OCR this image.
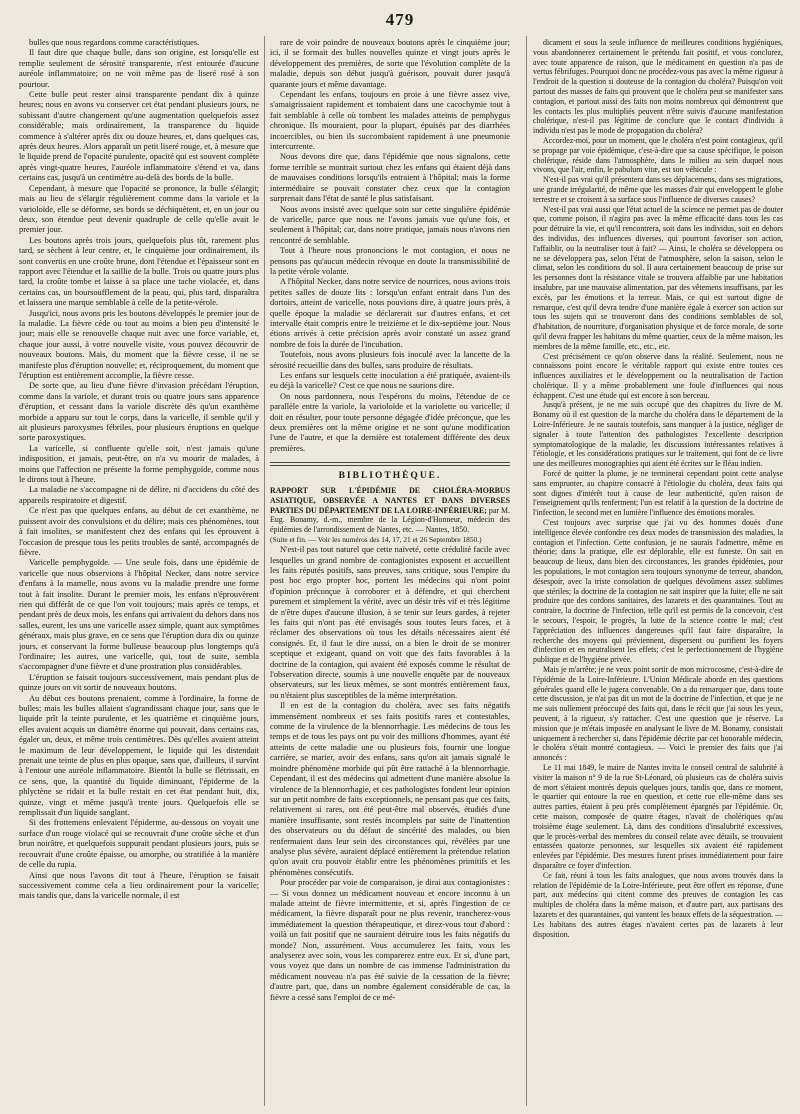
479

bulles que nous regardons comme caractéristiques.

Il faut dire que chaque bulle, dans son origine, est lorsqu'elle est remplie seulement de sérosité transparente, n'est entourée d'aucune auréole inflammatoire; on ne voit même pas de liseré rosé à son pourtour.

Cette bulle peut rester ainsi transparente pendant dix à quinze heures; nous en avons vu conserver cet état pendant plusieurs jours, ne subissant d'autre changement qu'une augmentation quelquefois assez considérable; mais ordinairement, la transparence du liquide commence à s'altérer après dix ou douze heures, et, dans quelques cas, après deux heures. Alors apparaît un petit liseré rouge, et, à mesure que le liquide prend de l'opacité purulente, opacité qui est souvent complète après vingt-quatre heures, l'auréole inflammatoire s'étend et va, dans certains cas, jusqu'à un centimètre au-delà des bords de la bulle.

Cependant, à mesure que l'opacité se prononce, la bulle s'élargit; mais au lieu de s'élargir régulièrement comme dans la variole et la varioloïde, elle se déforme, ses bords se déchiquètent, et, en un jour ou deux, son étendue peut devenir quadruple de celle qu'elle avait le premier jour.

Les boutons après trois jours, quelquefois plus tôt, rarement plus tard, se sèchent à leur centre, et, le cinquième jour ordinairement, ils sont convertis en une croûte brune, dont l'étendue et l'épaisseur sont en rapport avec l'étendue et la saillie de la bulle. Trois ou quatre jours plus tard, la croûte tombe et laisse à sa place une tache violacée, et, dans certains cas, un boursoufflement de la peau, qui, plus tard, disparaîtra et laissera une marque semblable à celle de la petite-vérole.

Jusqu'ici, nous avons pris les boutons développés le premier jour de la maladie. La fièvre cède ou tout au moins a bien peu d'intensité le jour; mais elle se renouvelle chaque nuit avec une force variable, et, chaque jour aussi, à votre nouvelle visite, vous pouvez découvrir de nouveaux boutons. Mais, du moment que la fièvre cesse, il ne se manifeste plus d'éruption nouvelle; et, réciproquement, du moment que l'éruption est entièrement accomplie, la fièvre cesse.

De sorte que, au lieu d'une fièvre d'invasion précédant l'éruption, comme dans la variole, et durant trois ou quatre jours sans apparence d'éruption, et cessant dans la variole discrète dès qu'un exanthème morbide a apparu sur tout le corps, dans la varicelle, il semble qu'il y ait plusieurs paroxysmes fébriles, pour plusieurs éruptions en quelque sorte paroxystiques.

La varicelle, si confluente qu'elle soit, n'est jamais qu'une indisposition, et jamais, peut-être, on n'a vu mourir de malades, à moins que l'affection ne présente la forme pemphygoïde, comme nous le dirons tout à l'heure.

La maladie ne s'accompagne ni de délire, ni d'accidens du côté des appareils respiratoire et digestif.

Ce n'est pas que quelques enfans, au début de cet exanthème, ne puissent avoir des convulsions et du délire; mais ces phénomènes, tout à fait insolites, se manifestent chez des enfans qui les éprouvent à l'occasion de presque tous les petits troubles de santé, accompagnés de fièvre.

Varicelle pemphygoïde. — Une seule fois, dans une épidémie de varicelle que nous observions à l'hôpital Necker, dans notre service d'enfans à la mamelle, nous avons vu la maladie prendre une forme tout à fait insolite. Durant le premier mois, les enfans n'éprouvèrent rien qui différât de ce que l'on voit toujours; mais après ce temps, et pendant près de deux mois, les enfans qui arrivaient du dehors dans nos salles, eurent, les uns une varicelle assez simple, quant aux symptômes généraux, mais plus grave, en ce sens que l'éruption dura dix ou quinze jours, et conservant la forme bulleuse beaucoup plus longtemps qu'à l'ordinaire; les autres, une varicelle, qui, tout de suite, sembla s'accompagner d'une fièvre et d'une prostration plus considérables.

L'éruption se faisait toujours successivement, mais pendant plus de quinze jours on vit sortir de nouveaux boutons.

Au début ces boutons prenaient, comme à l'ordinaire, la forme de bulles; mais les bulles allaient s'agrandissant chaque jour, sans que le liquide prît la teinte purulente, et les quatrième et cinquième jours, elles avaient acquis un diamètre énorme qui pouvait, dans certains cas, égaler un, deux, et même trois centimètres. Dès qu'elles avaient atteint le maximum de leur développement, le liquide qui les distendait prenait une teinte de plus en plus opaque, sans que, d'ailleurs, il survînt à l'entour une auréole inflammatoire. Bientôt la bulle se flétrissait, en ce sens, que, la quantité du liquide diminuant, l'épiderme de la phlyctène se ridait et la bulle restait en cet état pendant huit, dix, quinze, vingt et même jusqu'à trente jours. Quelquefois elle se remplissait d'un liquide sanglant.

Si des frottemens enlevaient l'épiderme, au-dessous on voyait une surface d'un rouge violacé qui se recouvrait d'une croûte sèche et d'un brun noirâtre, et quelquefois suppurait pendant plusieurs jours, puis se recouvrait d'une croûte épaisse, ou amorphe, ou stratifiée à la manière de celle du rupia.

Ainsi que nous l'avons dit tout à l'heure, l'éruption se faisait successivement comme cela a lieu ordinairement pour la varicelle; mais tandis que, dans la varicelle normale, il est

rare de voir poindre de nouveaux boutons après le cinquième jour; ici, il se formait des bulles nouvelles quinze et vingt jours après le développement des premières, de sorte que l'évolution complète de la maladie, depuis son début jusqu'à guérison, pouvait durer jusqu'à quarante jours et même davantage.

Cependant les enfans, toujours en proie à une fièvre assez vive, s'amaigrissaient rapidement et tombaient dans une cacochymie tout à fait semblable à celle où tombent les malades atteints de pemphygus chronique. Ils mouraient, pour la plupart, épuisés par des diarrhées incoercibles, ou bien ils succombaient rapidement à une pneumonie intercurrente.

Nous devons dire que, dans l'épidémie que nous signalons, cette forme terrible se montrait surtout chez les enfans qui étaient déjà dans de mauvaises conditions lorsqu'ils entraient à l'hôpital; mais la forme intermédiaire se pouvait constater chez ceux que la contagion surprenait dans l'état de santé le plus satisfaisant.

Nous avons insisté avec quelque soin sur cette singulière épidémie de varicelle, parce que nous ne l'avons jamais vue qu'une fois, et seulement à l'hôpital; car, dans notre pratique, jamais nous n'avons rien rencontré de semblable.

Tout à l'heure nous prononcions le mot contagion, et nous ne pensons pas qu'aucun médecin révoque en doute la transmissibilité de la petite vérole volante.

A l'hôpital Necker, dans notre service de nourrices, nous avions trois petites salles de douze lits : lorsqu'un enfant entrait dans l'un des dortoirs, atteint de varicelle, nous pouvions dire, à quatre jours près, à quelle époque la maladie se déclarerait sur d'autres enfans, et cet intervalle était compris entre le treizième et le dix-septième jour. Nous étions arrivés à cette précision après avoir constaté un assez grand nombre de fois la durée de l'incubation.

Toutefois, nous avons plusieurs fois inoculé avec la lancette de la sérosité recueillie dans des bulles, sans produire de résultats.

Les enfans sur lesquels cette inoculation a été pratiquée, avaient-ils eu déjà la varicelle? C'est ce que nous ne saurions dire.

On nous pardonnera, nous l'espérons du moins, l'étendue de ce parallèle entre la variole, la varioloïde et la variolette ou varicelle; il doit en résulter, pour toute personne dégagée d'idée préconçue, que les deux premières ont la même origine et ne sont qu'une modification l'une de l'autre, et que la dernière est totalement différente des deux premières.

BIBLIOTHÈQUE.

RAPPORT SUR L'ÉPIDÉMIE DE CHOLÉRA-MORBUS ASIATIQUE, OBSERVÉE A NANTES ET DANS DIVERSES PARTIES DU DÉPARTEMENT DE LA LOIRE-INFÉRIEURE; par M. Eug. Bonamy, d.-m., membre de la Légion-d'Honneur, médecin des épidémies de l'arrondissement de Nantes, etc. — Nantes, 1850.

(Suite et fin. — Voir les numéros des 14, 17, 21 et 26 Septembre 1850.)

N'est-il pas tout naturel que cette naïveté, cette crédulité facile avec lesquelles un grand nombre de contagionistes exposent et accueillent les faits réputés positifs, sans preuves, sans critique, sous l'empire du post hoc ergo propter hoc, portent les médecins qui n'ont point d'opinion préconçue à corroborer et à défendre, et qui cherchent purement et simplement la vérité, avec un désir très vif et très légitime de n'être dupes d'aucune illusion, à se tenir sur leurs gardes, à rejeter les faits qui n'ont pas été envisagés sous toutes leurs faces, et à réclamer des observations où tous les détails nécessaires aient été consignés. Et, il faut le dire aussi, on a bien le droit de se montrer sceptique et exigeant, quand on voit que des faits favorables à la doctrine de la contagion, qui avaient été exposés comme le résultat de l'observation directe, soumis à une nouvelle enquête par de nouveaux observateurs, sur les lieux mêmes, se sont montrés entièrement faux, ou n'étaient plus susceptibles de la même interprétation.

Il en est de la contagion du choléra, avec ses faits négatifs immensément nombreux et ses faits positifs rares et contestables, comme de la virulence de la blennorrhagie. Les médecins de tous les temps et de tous les pays ont pu voir des millions d'hommes, ayant été atteints de cette maladie une ou plusieurs fois, fournir une longue carrière, se marier, avoir des enfans, sans qu'on ait jamais signalé le moindre phénomène morbide qui pût être rattaché à la blennorrhagie. Cependant, il est des médecins qui admettent d'une manière absolue la virulence de la blennorrhagie, et ces pathologistes fondent leur opinion sur un petit nombre de faits exceptionnels, ne pensant pas que ces faits, relativement si rares, ont été peut-être mal observés, étudiés d'une manière insuffisante, sont restés incomplets par suite de l'inattention des observateurs ou du défaut de sincérité des malades, ou bien renfermaient dans leur sein des circonstances qui, révélées par une analyse plus sévère, auraient déplacé entièrement la prétendue relation qu'on avait cru pouvoir établir entre les phénomènes primitifs et les phénomènes consécutifs.

Pour procéder par voie de comparaison, je dirai aux contagionistes : — Si vous donnez un médicament nouveau et encore inconnu à un malade atteint de fièvre intermittente, et si, après l'ingestion de ce médicament, la fièvre disparaît pour ne plus revenir, trancherez-vous immédiatement la question thérapeutique, et direz-vous tout d'abord : voilà un fait positif que ne sauraient détruire tous les faits négatifs du monde? Non, assurément. Vous accumulerez les faits, vous les analyserez avec soin, vous les comparerez entre eux. Et si, d'une part, vous voyez que dans un nombre de cas immense l'administration du médicament nouveau n'a pas été suivie de la cessation de la fièvre; d'autre part, que, dans un nombre également considérable de cas, la fièvre a cessé sans l'emploi de ce mé-

dicament et sous la seule influence de meilleures conditions hygiéniques, vous abandonnerez certainement le prétendu fait positif, et vous conclurez, avec toute apparence de raison, que le médicament en question n'a pas de vertus fébrifuges. Pourquoi donc ne procédez-vous pas avec la même rigueur à l'endroit de la question si douteuse de la contagion du choléra? Puisqu'on voit partout des masses de faits qui prouvent que le choléra peut se manifester sans contagion, et partout aussi des faits non moins nombreux qui démontrent que les contacts les plus multipliés peuvent n'être suivis d'aucune manifestation cholérique, n'est-il pas légitime de conclure que le contact d'individu à individu n'est pas le mode de propagation du choléra?

Accordez-moi, pour un moment, que le choléra n'est point contagieux, qu'il se propage par voie épidémique, c'est-à-dire que sa cause spécifique, le poison cholérique, réside dans l'atmosphère, dans le milieu au sein duquel nous vivons, que l'air, enfin, le pabulum vitæ, est son véhicule :

N'est-il pas vrai qu'il présentera dans ses déplacemens, dans ses migrations, une grande irrégularité, de même que les masses d'air qui enveloppent le globe terrestre et se croisent à sa surface sous l'influence de diverses causes?

N'est-il pas vrai aussi que l'état actuel de la science ne permet pas de douter que, comme poison, il n'agira pas avec la même efficacité dans tous les cas pour détruire la vie, et qu'il rencontrera, soit dans les individus, soit en dehors des individus, des influences diverses, qui pourront favoriser son action, l'affaiblir, ou la neutraliser tout à fait? — Ainsi, le choléra se développera ou ne se développera pas, selon l'état de l'atmosphère, selon la saison, selon le climat, selon les conditions du sol. Il aura certainement beaucoup de prise sur les personnes dont la résistance vitale se trouvera affaiblie par une habitation insalubre, par une mauvaise alimentation, par des vêtemens insuffisans, par les excès, par les émotions et la terreur. Mais, ce qui est surtout digne de remarque, c'est qu'il devra tendre d'une manière égale à exercer son action sur tous les sujets qui se trouveront dans des conditions semblables de sol, d'habitation, de nourriture, d'organisation physique et de force morale, de sorte qu'il devra frapper les habitans du même quartier, ceux de la même maison, les membres de la même famille, etc., etc., etc.

C'est précisément ce qu'on observe dans la réalité. Seulement, nous ne connaissons point encore le véritable rapport qui existe entre toutes ces influences auxiliaires et le développement ou la neutralisation de l'action cholérique. Il y a même probablement une foule d'influences qui nous échappent. C'est une étude qui est encore à son berceau.

Jusqu'à présent, je ne me suis occupé que des chapitres du livre de M. Bonamy où il est question de la marche du choléra dans le département de la Loire-Inférieure. Je ne saurais toutefois, sans manquer à la justice, négliger de signaler à toute l'attention des pathologistes l'excellente description symptomatologique de la maladie, les discussions intéressantes relatives à l'étiologie, et les considérations pratiques sur le traitement, qui font de ce livre une des meilleures monographies qui aient été écrites sur le fléau indien.

Forcé de quitter la plume, je ne terminerai cependant point cette analyse sans emprunter, au chapitre consacré à l'étiologie du choléra, deux faits qui sont dignes d'intérêt tout à cause de leur authenticité, qu'en raison de l'enseignement qu'ils renferment; l'un est relatif à la question de la doctrine de l'infection, le second met en lumière l'influence des émotions morales.

C'est toujours avec surprise que j'ai vu des hommes doués d'une intelligence élevée confondre ces deux modes de transmission des maladies, la contagion et l'infection. Cette confusion, je ne saurais l'admettre, même en théorie; dans la pratique, elle est déplorable, elle est funeste. On sait en beaucoup de lieux, dans bien des circonstances, les grandes épidémies, pour les populations, le mot contagion sera toujours synonyme de terreur, abandon, désespoir, avec la triste consolation de quelques dévoûmens assez sublimes que stériles; la doctrine de la contagion ne sait inspirer que la fuite; elle ne sait produire que des cordons sanitaires, des lazarets et des quarantaines. Tout au contraire, la doctrine de l'infection, telle qu'il est permis de la concevoir, c'est le secours, l'espoir, le progrès, la lutte de la science contre le mal; c'est l'appréciation des influences dangereuses qu'il faut faire disparaître, la recherche des moyens qui préviennent, dispersent ou purifient les foyers d'infection et en neutralisent les effets; c'est le perfectionnement de l'hygiène publique et de l'hygiène privée.

Mais je m'arrête; je ne veux point sortir de mon microcosme, c'est-à-dire de l'épidémie de la Loire-Inférieure. L'Union Médicale aborde en des questions générales quand elle le jugera convenable. On a du remarquer que, dans toute cette discussion, je n'ai pas dit un mot de la doctrine de l'infection, et que je ne me suis nullement préoccupé des faits qui, dans le récit que j'ai sous les yeux, peuvent, à la rigueur, s'y rattacher. C'est une question que je réserve. La mission que je m'étais imposée en analysant le livre de M. Bonamy, consistait uniquement à rechercher si, dans l'épidémie décrite par cet honorable médecin, le choléra s'était montré contagieux. — Voici le premier des faits que j'ai annoncés :

Le 11 mai 1849, le maire de Nantes invita le conseil central de salubrité à visiter la maison n° 9 de la rue St-Léonard, où plusieurs cas de choléra suivis de mort s'étaient montrés depuis quelques jours, tandis que, dans ce moment, le quartier qui entoure la rue en question, et cette rue elle-même dans ses autres parties, étaient à peu près complètement épargnés par l'épidémie. Or, cette maison, composée de quatre étages, n'avait de cholériques qu'au troisième étage seulement. Là, dans des conditions d'insalubrité excessives, que le procès-verbal des membres du conseil relate avec détails, se trouvaient entassées quatorze personnes, sur lesquelles six avaient été rapidement enlevées par l'épidémie. Des mesures furent prises immédiatement pour faire disparaître ce foyer d'infection.

Ce fait, réuni à tous les faits analogues, que nous avons trouvés dans la relation de l'épidémie de la Loire-Inférieure, peut être offert en réponse, d'une part, aux médecins qui citent comme des preuves de contagion les cas multiples de choléra dans la même maison, et d'autre part, aux partisans des lazarets et des quarantaines, qui vantent les beaux effets de la séquestration. — Les habitans des autres étages n'avaient certes pas de lazarets à leur disposition.
